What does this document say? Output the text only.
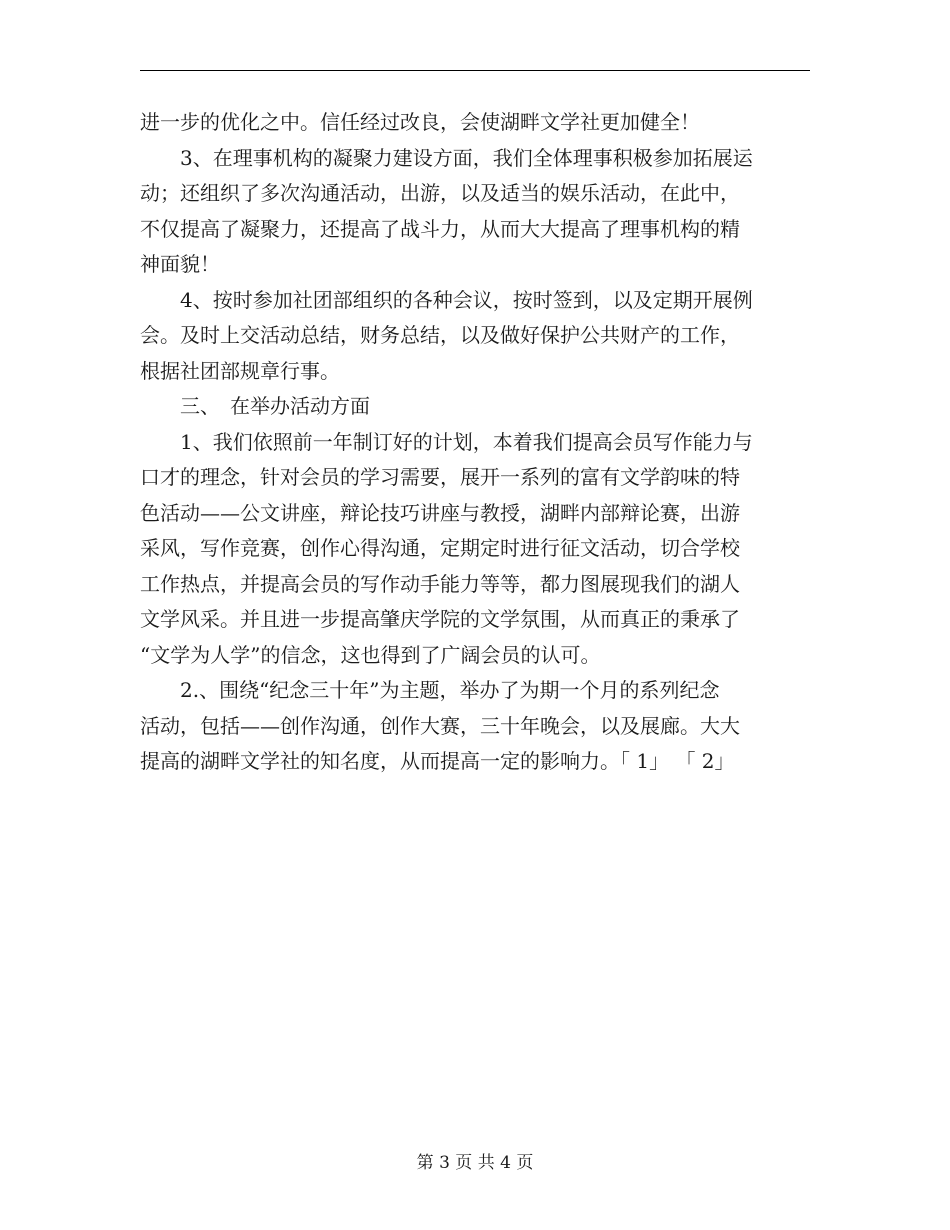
进一步的优化之中。信任经过改良，会使湖畔文学社更加健全！
　　3、在理事机构的凝聚力建设方面，我们全体理事积极参加拓展运
动；还组织了多次沟通活动，出游，以及适当的娱乐活动，在此中，
不仅提高了凝聚力，还提高了战斗力，从而大大提高了理事机构的精
神面貌！
　　4、按时参加社团部组织的各种会议，按时签到，以及定期开展例
会。及时上交活动总结，财务总结，以及做好保护公共财产的工作，
根据社团部规章行事。
　　三、　在举办活动方面
　　1、我们依照前一年制订好的计划，本着我们提高会员写作能力与
口才的理念，针对会员的学习需要，展开一系列的富有文学韵味的特
色活动——公文讲座，辩论技巧讲座与教授，湖畔内部辩论赛，出游
采风，写作竞赛，创作心得沟通，定期定时进行征文活动，切合学校
工作热点，并提高会员的写作动手能力等等，都力图展现我们的湖人
文学风采。并且进一步提高肇庆学院的文学氛围，从而真正的秉承了
“文学为人学”的信念，这也得到了广阔会员的认可。
　　2.、围绕“纪念三十年”为主题，举办了为期一个月的系列纪念
活动，包括——创作沟通，创作大赛，三十年晚会，以及展廊。大大
提高的湖畔文学社的知名度，从而提高一定的影响力。「 1」 「 2」
第 3 页 共 4 页
